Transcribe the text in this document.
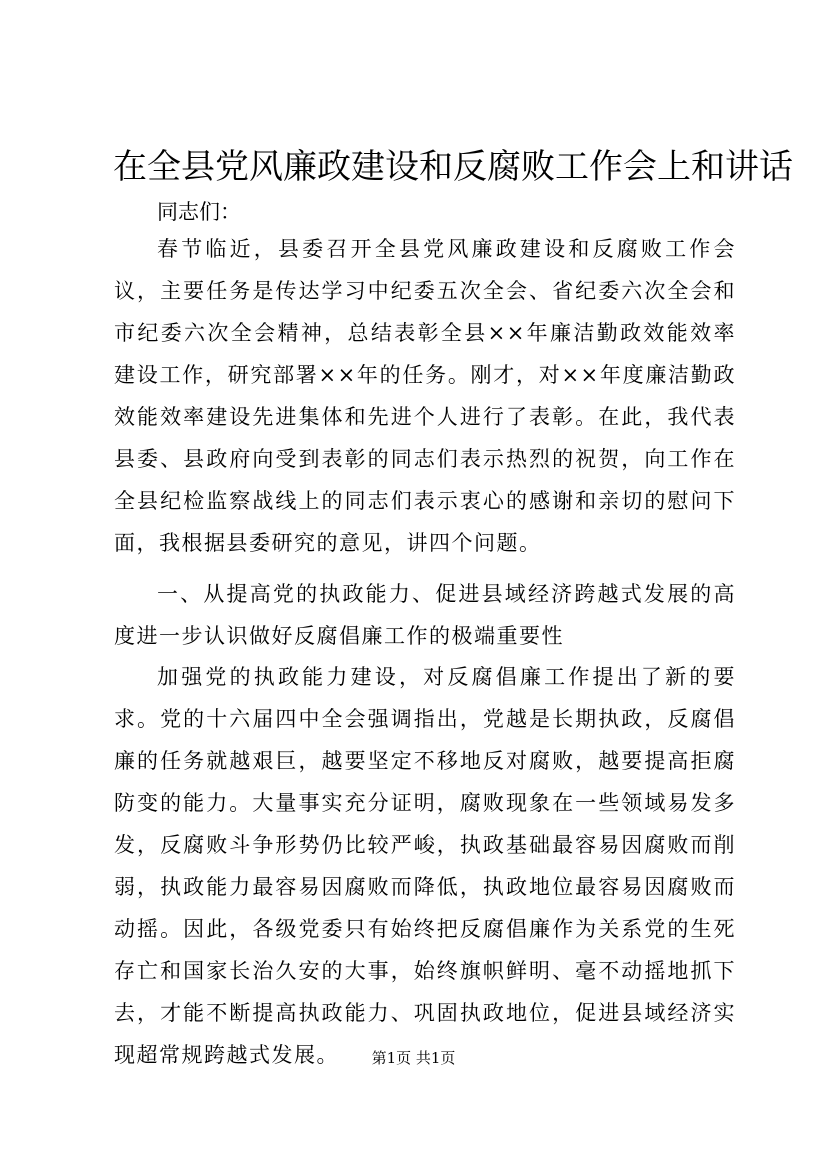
在全县党风廉政建设和反腐败工作会上和讲话

同志们：

春节临近，县委召开全县党风廉政建设和反腐败工作会议，主要任务是传达学习中纪委五次全会、省纪委六次全会和市纪委六次全会精神，总结表彰全县××年廉洁勤政效能效率建设工作，研究部署××年的任务。刚才，对××年度廉洁勤政效能效率建设先进集体和先进个人进行了表彰。在此，我代表县委、县政府向受到表彰的同志们表示热烈的祝贺，向工作在全县纪检监察战线上的同志们表示衷心的感谢和亲切的慰问下面，我根据县委研究的意见，讲四个问题。

一、从提高党的执政能力、促进县域经济跨越式发展的高度进一步认识做好反腐倡廉工作的极端重要性

加强党的执政能力建设，对反腐倡廉工作提出了新的要求。党的十六届四中全会强调指出，党越是长期执政，反腐倡廉的任务就越艰巨，越要坚定不移地反对腐败，越要提高拒腐防变的能力。大量事实充分证明，腐败现象在一些领域易发多发，反腐败斗争形势仍比较严峻，执政基础最容易因腐败而削弱，执政能力最容易因腐败而降低，执政地位最容易因腐败而动摇。因此，各级党委只有始终把反腐倡廉作为关系党的生死存亡和国家长治久安的大事，始终旗帜鲜明、毫不动摇地抓下去，才能不断提高执政能力、巩固执政地位，促进县域经济实现超常规跨越式发展。	第1页 共1页
